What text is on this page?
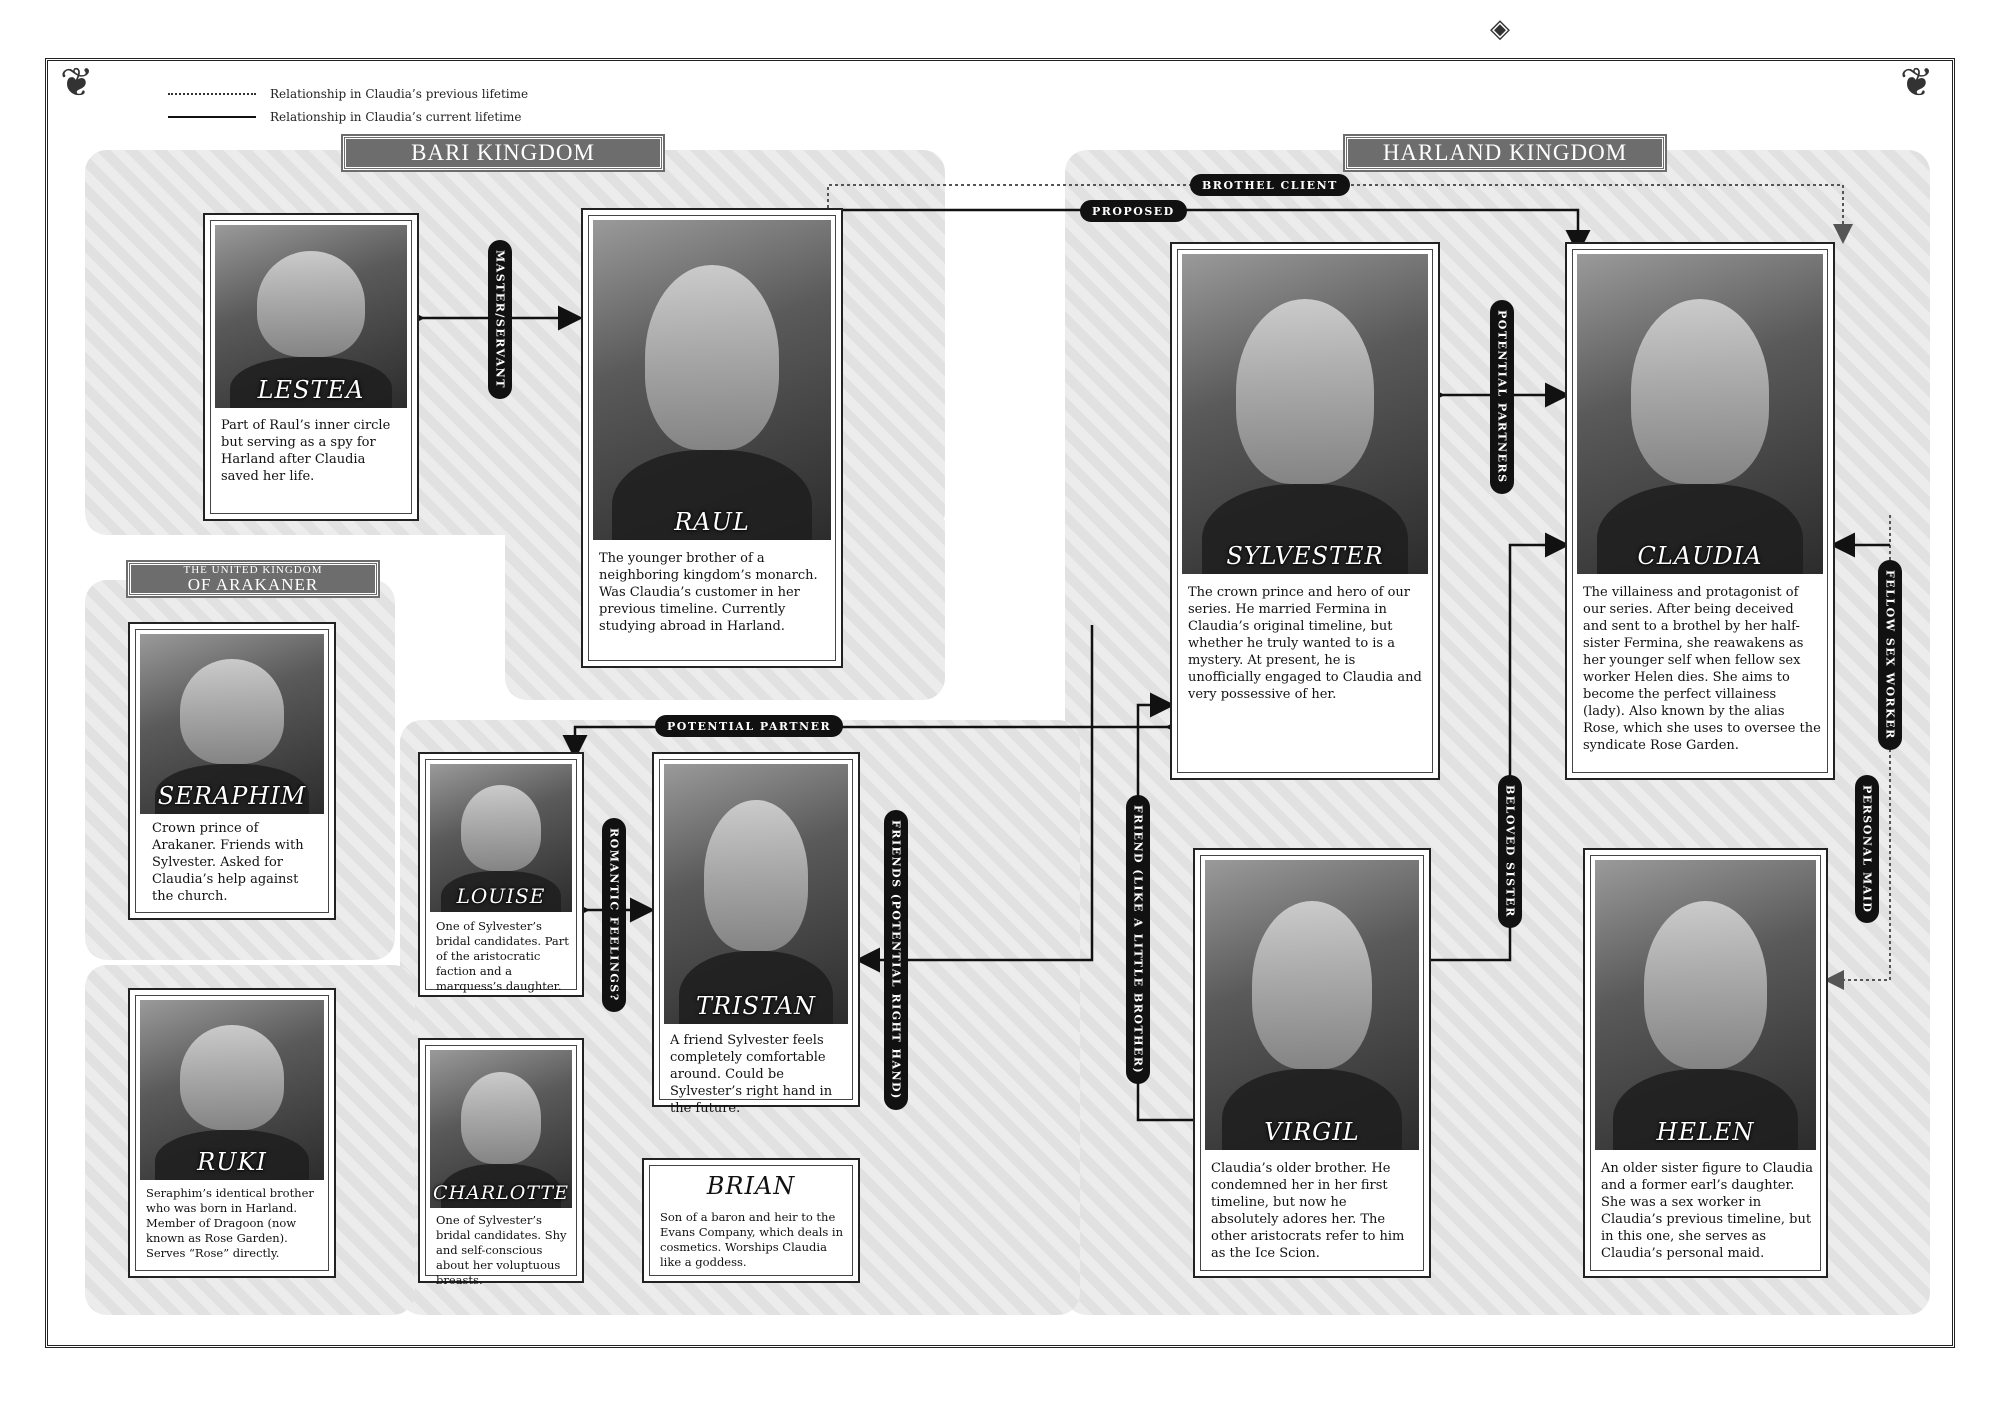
◈
❦	❦
Relationship in Claudia’s previous lifetime
Relationship in Claudia’s current lifetime
BARI KINGDOM	HARLAND KINGDOM
THE UNITED KINGDOM
OF ARAKANER
MASTER/SERVANT
BROTHEL CLIENT
PROPOSED
POTENTIAL PARTNERS
FELLOW SEX WORKER
PERSONAL MAID
POTENTIAL PARTNER
ROMANTIC FEELINGS?	FRIENDS (POTENTIAL RIGHT HAND)	FRIEND (LIKE A LITTLE BROTHER)	BELOVED SISTER
LESTEA
Part of Raul’s inner circle but serving as a spy for Harland after Claudia saved her life.
RAUL
The younger brother of a neighboring kingdom’s monarch. Was Claudia’s customer in her previous timeline. Currently studying abroad in Harland.
SYLVESTER
The crown prince and hero of our series. He married Fermina in Claudia’s original timeline, but whether he truly wanted to is a mystery. At present, he is unofficially engaged to Claudia and very possessive of her.
CLAUDIA
The villainess and protagonist of our series. After being deceived and sent to a brothel by her half-sister Fermina, she reawakens as her younger self when fellow sex worker Helen dies. She aims to become the perfect villainess (lady). Also known by the alias Rose, which she uses to oversee the syndicate Rose Garden.
SERAPHIM
Crown prince of Arakaner. Friends with Sylvester. Asked for Claudia’s help against the church.	LOUISE
One of Sylvester’s bridal candidates. Part of the aristocratic faction and a marquess’s daughter.
TRISTAN
A friend Sylvester feels completely comfortable around. Could be Sylvester’s right hand in the future.
VIRGIL
Claudia’s older brother. He condemned her in her first timeline, but now he absolutely adores her. The other aristocrats refer to him as the Ice Scion.
HELEN
An older sister figure to Claudia and a former earl’s daughter. She was a sex worker in Claudia’s previous timeline, but in this one, she serves as Claudia’s personal maid.
RUKI
Seraphim’s identical brother who was born in Harland. Member of Dragoon (now known as Rose Garden). Serves “Rose” directly.
CHARLOTTE
One of Sylvester’s bridal candidates. Shy and self-conscious about her voluptuous breasts.
BRIAN
Son of a baron and heir to the Evans Company, which deals in cosmetics. Worships Claudia like a goddess.
